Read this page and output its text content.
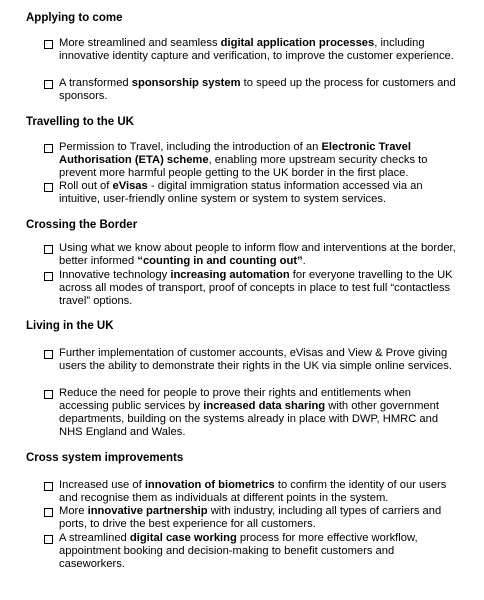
Applying to come
More streamlined and seamless digital application processes, including innovative identity capture and verification, to improve the customer experience.
A transformed sponsorship system to speed up the process for customers and sponsors.
Travelling to the UK
Permission to Travel, including the introduction of an Electronic Travel Authorisation (ETA) scheme, enabling more upstream security checks to prevent more harmful people getting to the UK border in the first place.
Roll out of eVisas - digital immigration status information accessed via an intuitive, user-friendly online system or system to system services.
Crossing the Border
Using what we know about people to inform flow and interventions at the border, better informed “counting in and counting out”.
Innovative technology increasing automation for everyone travelling to the UK across all modes of transport, proof of concepts in place to test full “contactless travel” options.
Living in the UK
Further implementation of customer accounts, eVisas and View & Prove giving users the ability to demonstrate their rights in the UK via simple online services.
Reduce the need for people to prove their rights and entitlements when accessing public services by increased data sharing with other government departments, building on the systems already in place with DWP, HMRC and NHS England and Wales.
Cross system improvements
Increased use of innovation of biometrics to confirm the identity of our users and recognise them as individuals at different points in the system.
More innovative partnership with industry, including all types of carriers and ports, to drive the best experience for all customers.
A streamlined digital case working process for more effective workflow, appointment booking and decision-making to benefit customers and caseworkers.
